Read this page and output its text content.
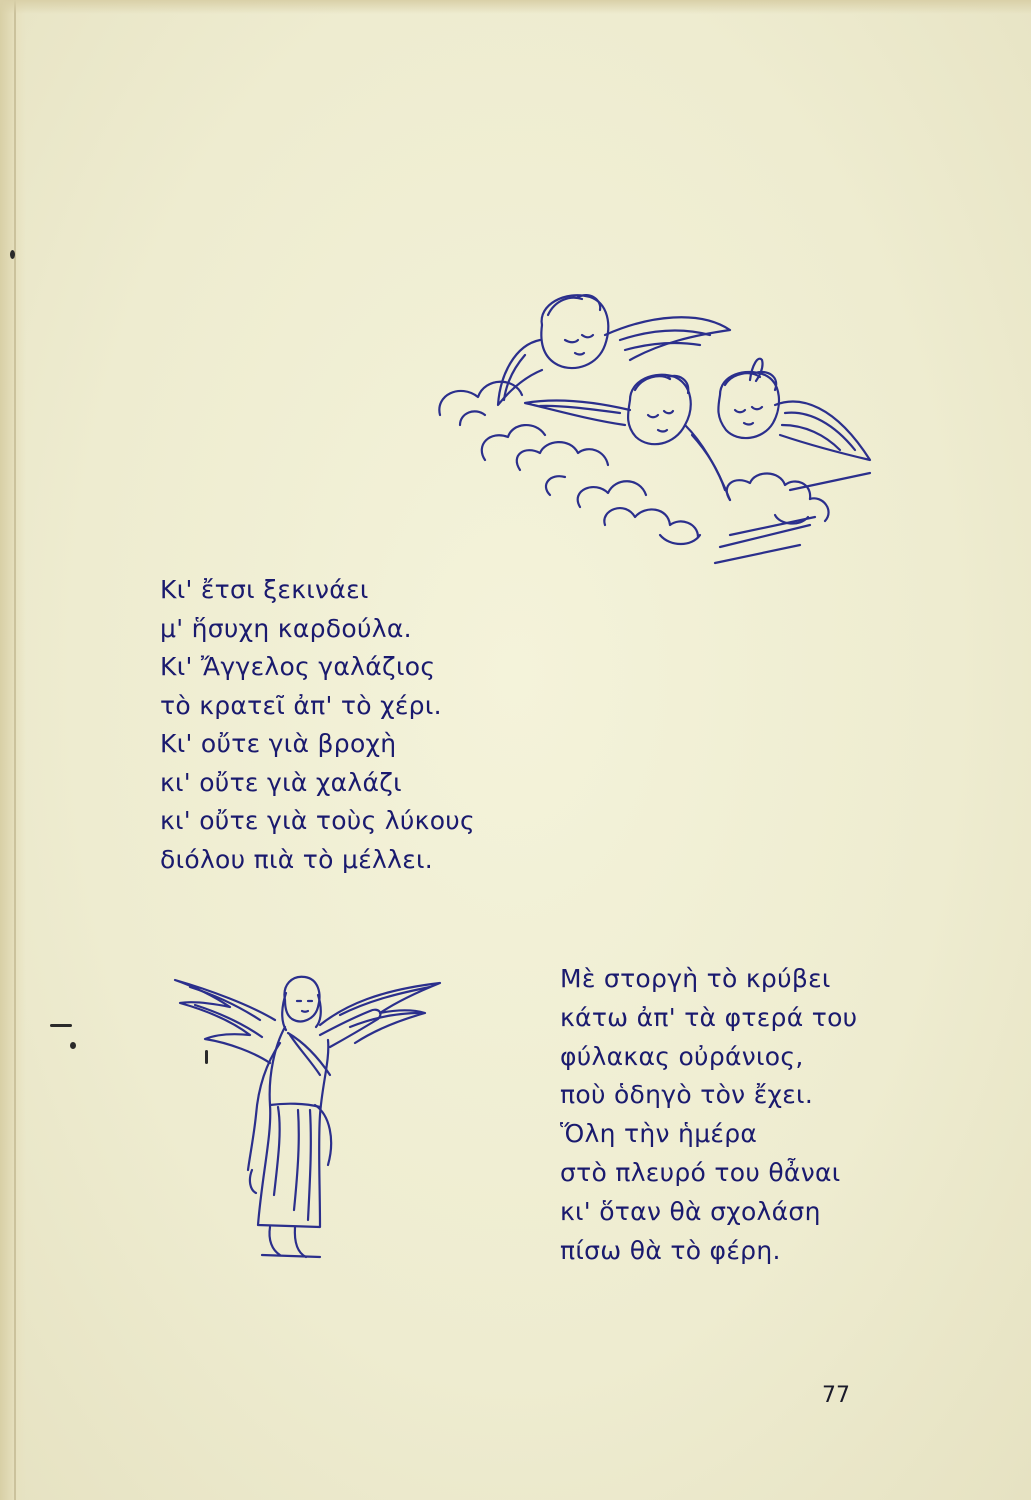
Κι' ἔτσι ξεκινάει
μ' ἥσυχη καρδούλα.
Κι' Ἄγγελος γαλάζιος
τὸ κρατεῖ ἀπ' τὸ χέρι.
Κι' οὔτε γιὰ βροχὴ
κι' οὔτε γιὰ χαλάζι
κι' οὔτε γιὰ τοὺς λύκους
διόλου πιὰ τὸ μέλλει.
Μὲ στοργὴ τὸ κρύβει
κάτω ἀπ' τὰ φτερά του
φύλακας οὐράνιος,
ποὺ ὁδηγὸ τὸν ἔχει.
Ὅλη τὴν ἡμέρα
στὸ πλευρό του θἆναι
κι' ὅταν θὰ σχολάση
πίσω θὰ τὸ φέρη.
77
